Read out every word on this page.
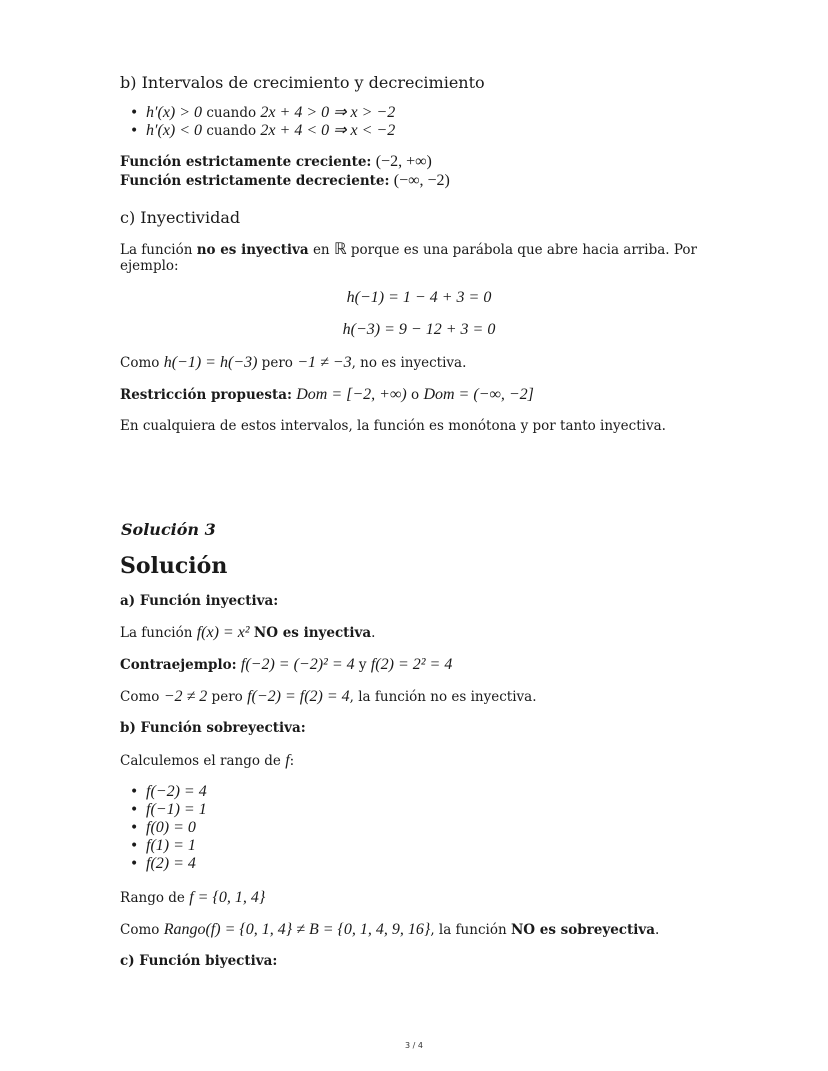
b) Intervalos de crecimiento y decrecimiento
• h′(x) > 0 cuando 2x + 4 > 0 ⇒ x > −2
• h′(x) < 0 cuando 2x + 4 < 0 ⇒ x < −2
Función estrictamente creciente: (−2, +∞)
Función estrictamente decreciente: (−∞, −2)
c) Inyectividad
La función no es inyectiva en ℝ porque es una parábola que abre hacia arriba. Por
ejemplo:
h(−1) = 1 − 4 + 3 = 0
h(−3) = 9 − 12 + 3 = 0
Como h(−1) = h(−3) pero −1 ≠ −3, no es inyectiva.
Restricción propuesta: Dom = [−2, +∞) o Dom = (−∞, −2]
En cualquiera de estos intervalos, la función es monótona y por tanto inyectiva.
Solución 3
Solución
a) Función inyectiva:
La función f(x) = x² NO es inyectiva.
Contraejemplo: f(−2) = (−2)² = 4 y f(2) = 2² = 4
Como −2 ≠ 2 pero f(−2) = f(2) = 4, la función no es inyectiva.
b) Función sobreyectiva:
Calculemos el rango de f:
• f(−2) = 4
• f(−1) = 1
• f(0) = 0
• f(1) = 1
• f(2) = 4
Rango de f = {0, 1, 4}
Como Rango(f) = {0, 1, 4} ≠ B = {0, 1, 4, 9, 16}, la función NO es sobreyectiva.
c) Función biyectiva:
3 / 4
